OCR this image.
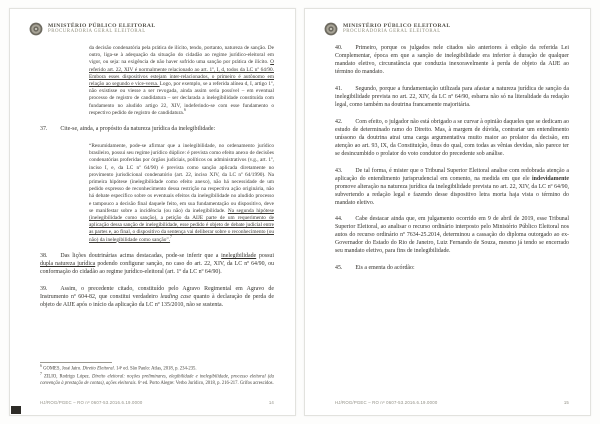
MINISTÉRIO PÚBLICO ELEITORAL
PROCURADORIA GERAL ELEITORAL
da decisão condenatória pela prática de ilícito, tendo, portanto, natureza de sanção. De outro, liga-se à adequação da situação do cidadão ao regime jurídico-eleitoral em vigor, ou seja: na exigência de não haver sofrido uma sanção por prática de ilícito. O referido art. 22, XIV é normalmente relacionado ao art. 1º, I, d, todos da LC nº 64/90. Embora esses dispositivos estejam inter-relacionados, o primeiro é autônomo em relação ao segundo e vice-versa. Logo, por exemplo, se a referida alínea d, I, artigo 1º, não existisse ou viesse a ser revogada, ainda assim seria possível – em eventual processo de registro de candidatura – ser declarada a inelegibilidade constituída com fundamento no aludido artigo 22, XIV, indeferindo-se com esse fundamento o respectivo pedido de registro de candidatura.$^6$

37. Cite-se, ainda, a propósito da natureza jurídica da inelegibilidade:

“Resumidamente, pode-se afirmar que a inelegibilidade, no ordenamento jurídico brasileiro, possui seu regime jurídico dúplice: é prevista como efeito anexo de decisões condenatórias proferidas por órgãos judiciais, políticos ou administrativos (v.g., art. 1º, inciso I, e, da LC nº 64/90) é prevista como sanção aplicada diretamente no provimento jurisdicional condenatório (art. 22, inciso XIV, da LC nº 64/1990). Na primeira hipótese (inelegibilidade como efeito anexo), não há necessidade de um pedido expresso de reconhecimento dessa restrição na respectiva ação originária, não há debate específico sobre os eventuais efeitos da inelegibilidade no aludido processo e tampouco a decisão final daquele feito, em sua fundamentação ou dispositivo, deve se manifestar sobre a incidência (ou não) da inelegibilidade. Na segunda hipótese (inelegibilidade como sanção), a petição da AIJE parte de um requerimento de aplicação dessa sanção de inelegibilidade, esse pedido é objeto de debate judicial entre as partes e, ao final, o dispositivo da sentença vai deliberar sobre o reconhecimento (ou não) da inelegibilidade como sanção”.$^7$

38. Das lições doutrinárias acima destacadas, pode-se inferir que a inelegibilidade possui dupla natureza jurídica podendo configurar sanção, no caso do art. 22, XIV, da LC nº 64/90, ou conformação do cidadão ao regime jurídico-eleitoral (art. 1º da LC nº 64/90).

39. Assim, o precedente citado, constituído pelo Agravo Regimental em Agravo de Instrumento nº 604-82, que constitui verdadeiro leading case quanto à declaração de perda de objeto de AIJE após o início da aplicação da LC nº 135/2010, não se sustenta.

$^6$ GOMES, José Jairo. Direito Eleitoral. 14ª ed. São Paulo: Atlas, 2018, p. 234-235.

$^7$ ZILIO, Rodrigo López. Direito eleitoral: noções preliminares, elegibilidade e inelegibilidade, processo eleitoral (da convenção à prestação de contas), ações eleitorais. 6ª ed. Porto Alegre: Verbo Jurídico, 2018, p. 216-217. Grifos acrescidos.

HJ/ROG/PGEC – RO nº 0607-53.2016.6.19.0000	14
MINISTÉRIO PÚBLICO ELEITORAL
PROCURADORIA GERAL ELEITORAL

40. Primeiro, porque os julgados nele citados são anteriores à edição da referida Lei Complementar, época em que a sanção de inelegibilidade era inferior à duração de qualquer mandato eletivo, circunstância que conduzia inexoravelmente à perda de objeto da AIJE ao término do mandato.

41. Segundo, porque a fundamentação utilizada para afastar a natureza jurídica de sanção da inelegibilidade prevista no art. 22, XIV, da LC nº 64/90, esbarra não só na literalidade da redação legal, como também na doutrina francamente majoritária.

42. Com efeito, o julgador não está obrigado a se curvar à opinião daqueles que se dedicam ao estudo de determinado ramo do Direito. Mas, à margem de dúvida, contrariar um entendimento uníssono da doutrina atrai uma carga argumentativa muito maior ao prolator da decisão, em atenção ao art. 93, IX, da Constituição, ônus do qual, com todas as vênias devidas, não parece ter se desincumbido o prolator do voto condutor do precedente sob análise.

43. De tal forma, é mister que o Tribunal Superior Eleitoral analise com redobrada atenção a aplicação do entendimento jurisprudencial em comento, na medida em que ele indevidamente promove alteração na natureza jurídica da inelegibilidade prevista no art. 22, XIV, da LC nº 64/90, subvertendo a redação legal e fazendo desse dispositivo letra morta haja vista o término do mandato eletivo.

44. Cabe destacar ainda que, em julgamento ocorrido em 9 de abril de 2019, esse Tribunal Superior Eleitoral, ao analisar o recurso ordinário interposto pelo Ministério Público Eleitoral nos autos do recurso ordinário nº 7634-25.2014, determinou a cassação do diploma outorgado ao ex-Governador do Estado do Rio de Janeiro, Luiz Fernando de Souza, mesmo já tendo se encerrado seu mandato eletivo, para fins de inelegibilidade.

45. Eis a ementa do acórdão:

HJ/ROG/PGEC – RO nº 0607-53.2016.6.19.0000	15
